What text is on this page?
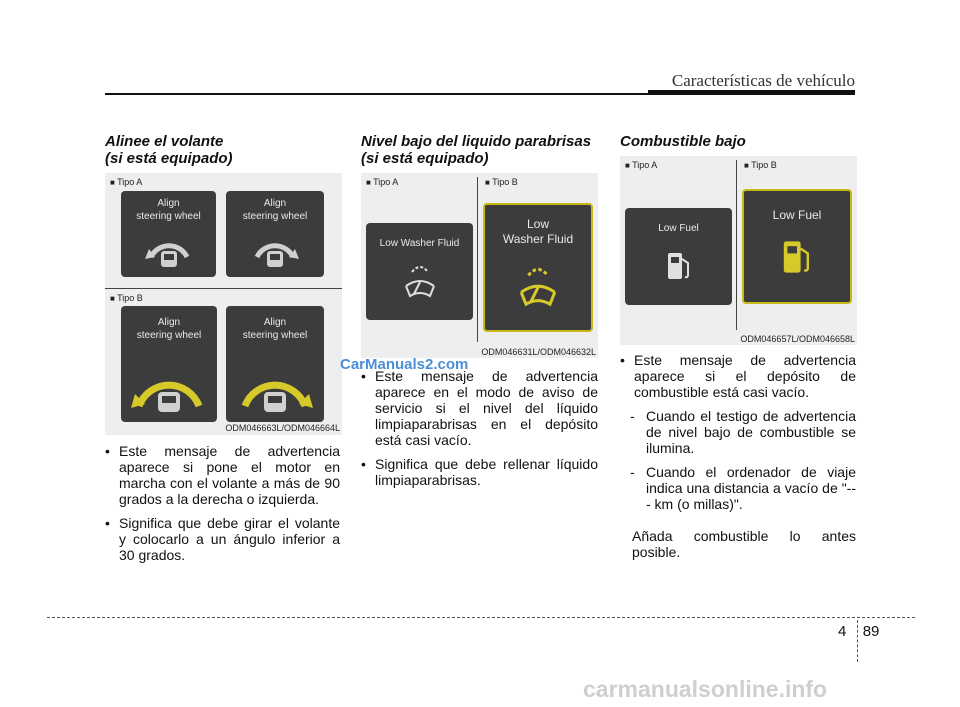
Características de vehículo
Alinee el volante
(si está equipado)
■ Tipo A
■ Tipo B
Align
steering wheel
Align
steering wheel
Align
steering wheel
Align
steering wheel
ODM046663L/ODM046664L
• Este mensaje de advertencia aparece si pone el motor en marcha con el volante a más de 90 grados a la derecha o izquierda.
• Significa que debe girar el volante y colocarlo a un ángulo inferior a 30 grados.
Nivel bajo del liquido parabrisas
(si está equipado)
■ Tipo A	■ Tipo B
Low Washer Fluid
Low
Washer Fluid
ODM046631L/ODM046632L
• Este mensaje de advertencia aparece en el modo de aviso de servicio si el nivel del líquido limpiaparabrisas en el depósito está casi vacío.
• Significa que debe rellenar líquido limpiaparabrisas.
Combustible bajo
■ Tipo A	■ Tipo B
Low Fuel
Low Fuel
ODM046657L/ODM046658L
• Este mensaje de advertencia aparece si el depósito de combustible está casi vacío.
- Cuando el testigo de advertencia de nivel bajo de combustible se ilumina.
- Cuando el ordenador de viaje indica una distancia a vacío de "--- km (o millas)".
Añada combustible lo antes posible.
CarManuals2.com
4 89
carmanualsonline.info
